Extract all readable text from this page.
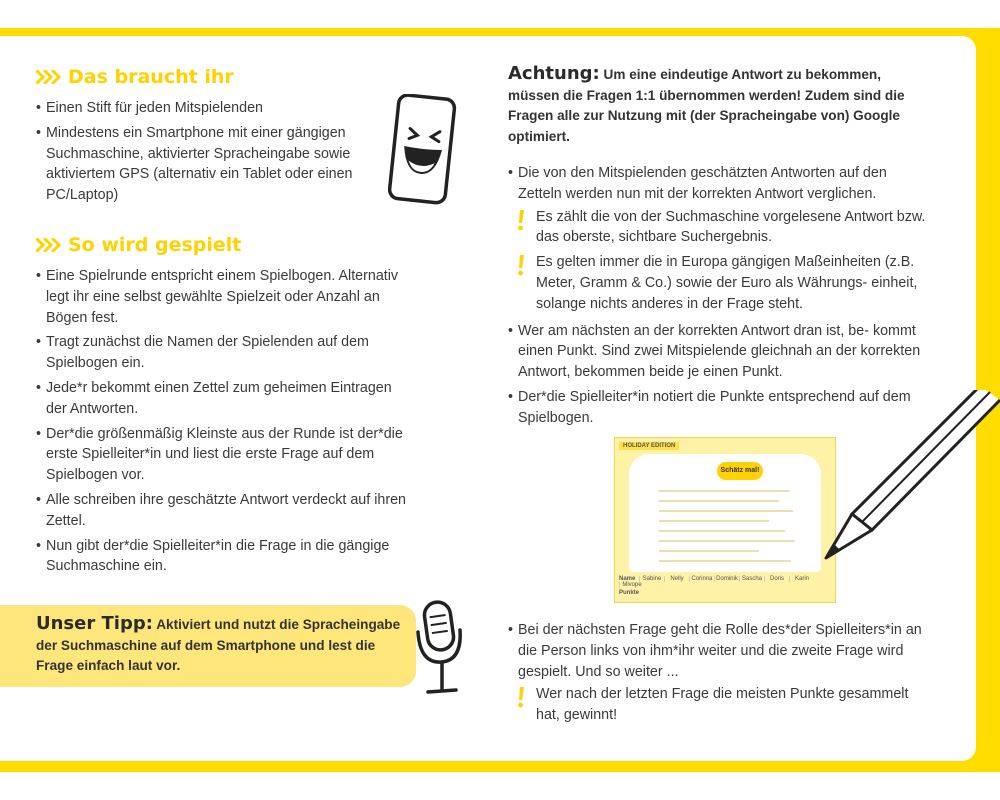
Das braucht ihr
• Einen Stift für jeden Mitspielenden
• Mindestens ein Smartphone mit einer gängigen Suchmaschine, aktivierter Spracheingabe sowie aktiviertem GPS (alternativ ein Tablet oder einen PC/Laptop)
So wird gespielt
• Eine Spielrunde entspricht einem Spielbogen. Alternativ legt ihr eine selbst gewählte Spielzeit oder Anzahl an Bögen fest.
• Tragt zunächst die Namen der Spielenden auf dem Spielbogen ein.
• Jede*r bekommt einen Zettel zum geheimen Eintragen der Antworten.
• Der*die größenmäßig Kleinste aus der Runde ist der*die erste Spielleiter*in und liest die erste Frage auf dem Spielbogen vor.
• Alle schreiben ihre geschätzte Antwort verdeckt auf ihren Zettel.
• Nun gibt der*die Spielleiter*in die Frage in die gängige Suchmaschine ein.
Unser Tipp: Aktiviert und nutzt die Spracheingabe der Suchmaschine auf dem Smartphone und lest die Frage einfach laut vor.
Achtung: Um eine eindeutige Antwort zu bekommen, müssen die Fragen 1:1 übernommen werden! Zudem sind die Fragen alle zur Nutzung mit (der Spracheingabe von) Google optimiert.
• Die von den Mitspielenden geschätzten Antworten auf den Zetteln werden nun mit der korrekten Antwort verglichen.
Es zählt die von der Suchmaschine vorgelesene Antwort bzw. das oberste, sichtbare Suchergebnis.
Es gelten immer die in Europa gängigen Maßeinheiten (z.B. Meter, Gramm & Co.) sowie der Euro als Währungs- einheit, solange nichts anderes in der Frage steht.
• Wer am nächsten an der korrekten Antwort dran ist, be- kommt einen Punkt. Sind zwei Mitspielende gleichnah an der korrekten Antwort, bekommen beide je einen Punkt.
• Der*die Spielleiter*in notiert die Punkte entsprechend auf dem Spielbogen.
HOLIDAY EDITION
Schätz mal!
Name Sabine Nelly Corinna Dominik Sascha Doris KarinMivope
Punkte
• Bei der nächsten Frage geht die Rolle des*der Spielleiters*in an die Person links von ihm*ihr weiter und die zweite Frage wird gespielt. Und so weiter ...
Wer nach der letzten Frage die meisten Punkte gesammelt hat, gewinnt!
